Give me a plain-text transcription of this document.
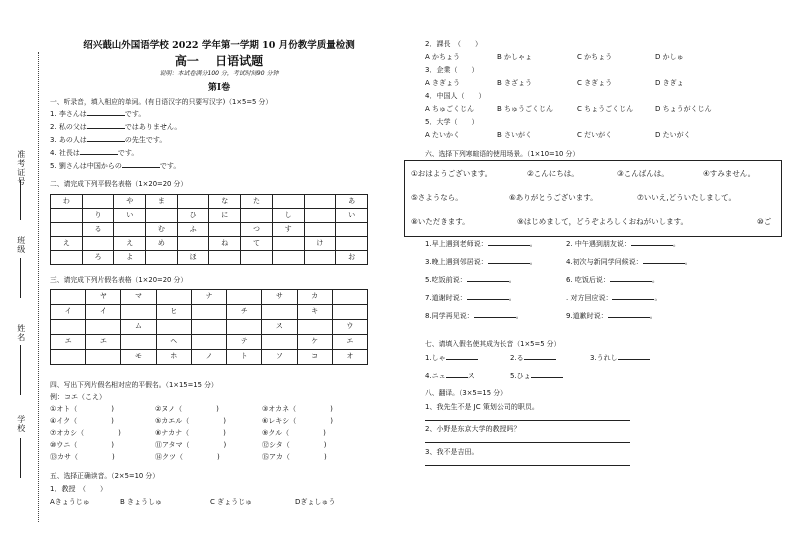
准考证号
班级
姓名
学校
绍兴蕺山外国语学校 2022 学年第一学期 10 月份教学质量检测
高一　 日语试题
说明：本试卷满分100 分，考试时间90 分钟
第Ⅰ卷
一、听录音，填入相应的单词。(有日语汉字的只要写汉字)（1×5=5 分）
1. 李さんは	です。
2. 私の父は	ではありません。
3. あの人は	の先生です。
4. 社長は	です。
5. 劉さんは中国からの	です。
二、请完成下列平假名表格（1×20=20 分）
わ		や	ま		な	た			あ
	り	い		ひ	に		し		い
	る		む	ふ		つ	す		
え		え	め		ね	て		け	
	ろ	よ		ほ					お
三、请完成下列片假名表格（1×20=20 分）
	ヤ	マ		ナ		サ	カ	
イ	イ		ヒ		チ		キ	
		ム				ス		ウ
エ	エ		ヘ		テ		ケ	エ
		モ	ホ	ノ	ト	ソ	コ	オ
四、写出下列片假名相对应的平假名。（1×15=15 分）
例：コエ（こえ）
①オト（	)	②ヌノ（	)	③オカネ（	)
④イク（	)	⑤カエル（	)	⑥レキシ（	)
⑦オカシ（	)	⑧ナカナ（	)	⑨クル（	)
⑩ウニ（	)	⑪アタマ（	)	⑫シタ（	)
⑬カサ（	)	⑭クツ（	)	⑮アカ（	)
五、选择正确读音。（2×5=10 分）
1．教授　（　　）
Aきょうじゅ	B きょうしゅ	C ぎょうじゅ	Dぎょしゅう
2．課長　（　　）
A かちょう	B かしゃょ	C かちょう	D かしゅ
3．企業（　　）
A きぎょう	B きざょう	C きぎょう	D きぎょ
4．中国人（　　）
A ちゅごくじん	B ちゅうごくじん	C ちょうごくじん	D ちょうがくじん
5．大学（　　）
A たいかく	B さいがく	C だいがく	D たいがく
六、选择下列寒暄语的使用场景。（1×10=10 分）
①おはようございます。	②こんにちは。	③こんばんは。	④すみません。
⑤さようなら。	⑥ありがとうございます。	⑦いいえ,どういたしまして。
⑧いただきます。	⑨はじめまして，どうぞよろしくおねがいします。	⑩ご
1.早上遇到老师说：	。	2. 中午遇到朋友说：	。
3.晚上遇到邻居说：	。	4.初次与新同学问候说：	。
5.吃饭前说：	。	6. 吃饭后说：	。
7.道谢时说：	。	. 对方回应说：	。
8.同学再见说：	。	9.道歉时说：	。
七、请填入假名使其成为长音（1×5=5 分）
1.しゃ	2.る	3.うれし
4.ニュ	ス	5.ひょ
八、翻译。（3×5=15 分）
1、我先生不是 JC 策划公司的职员。
2、小野是东京大学的教授吗？
3、我不是吉田。
